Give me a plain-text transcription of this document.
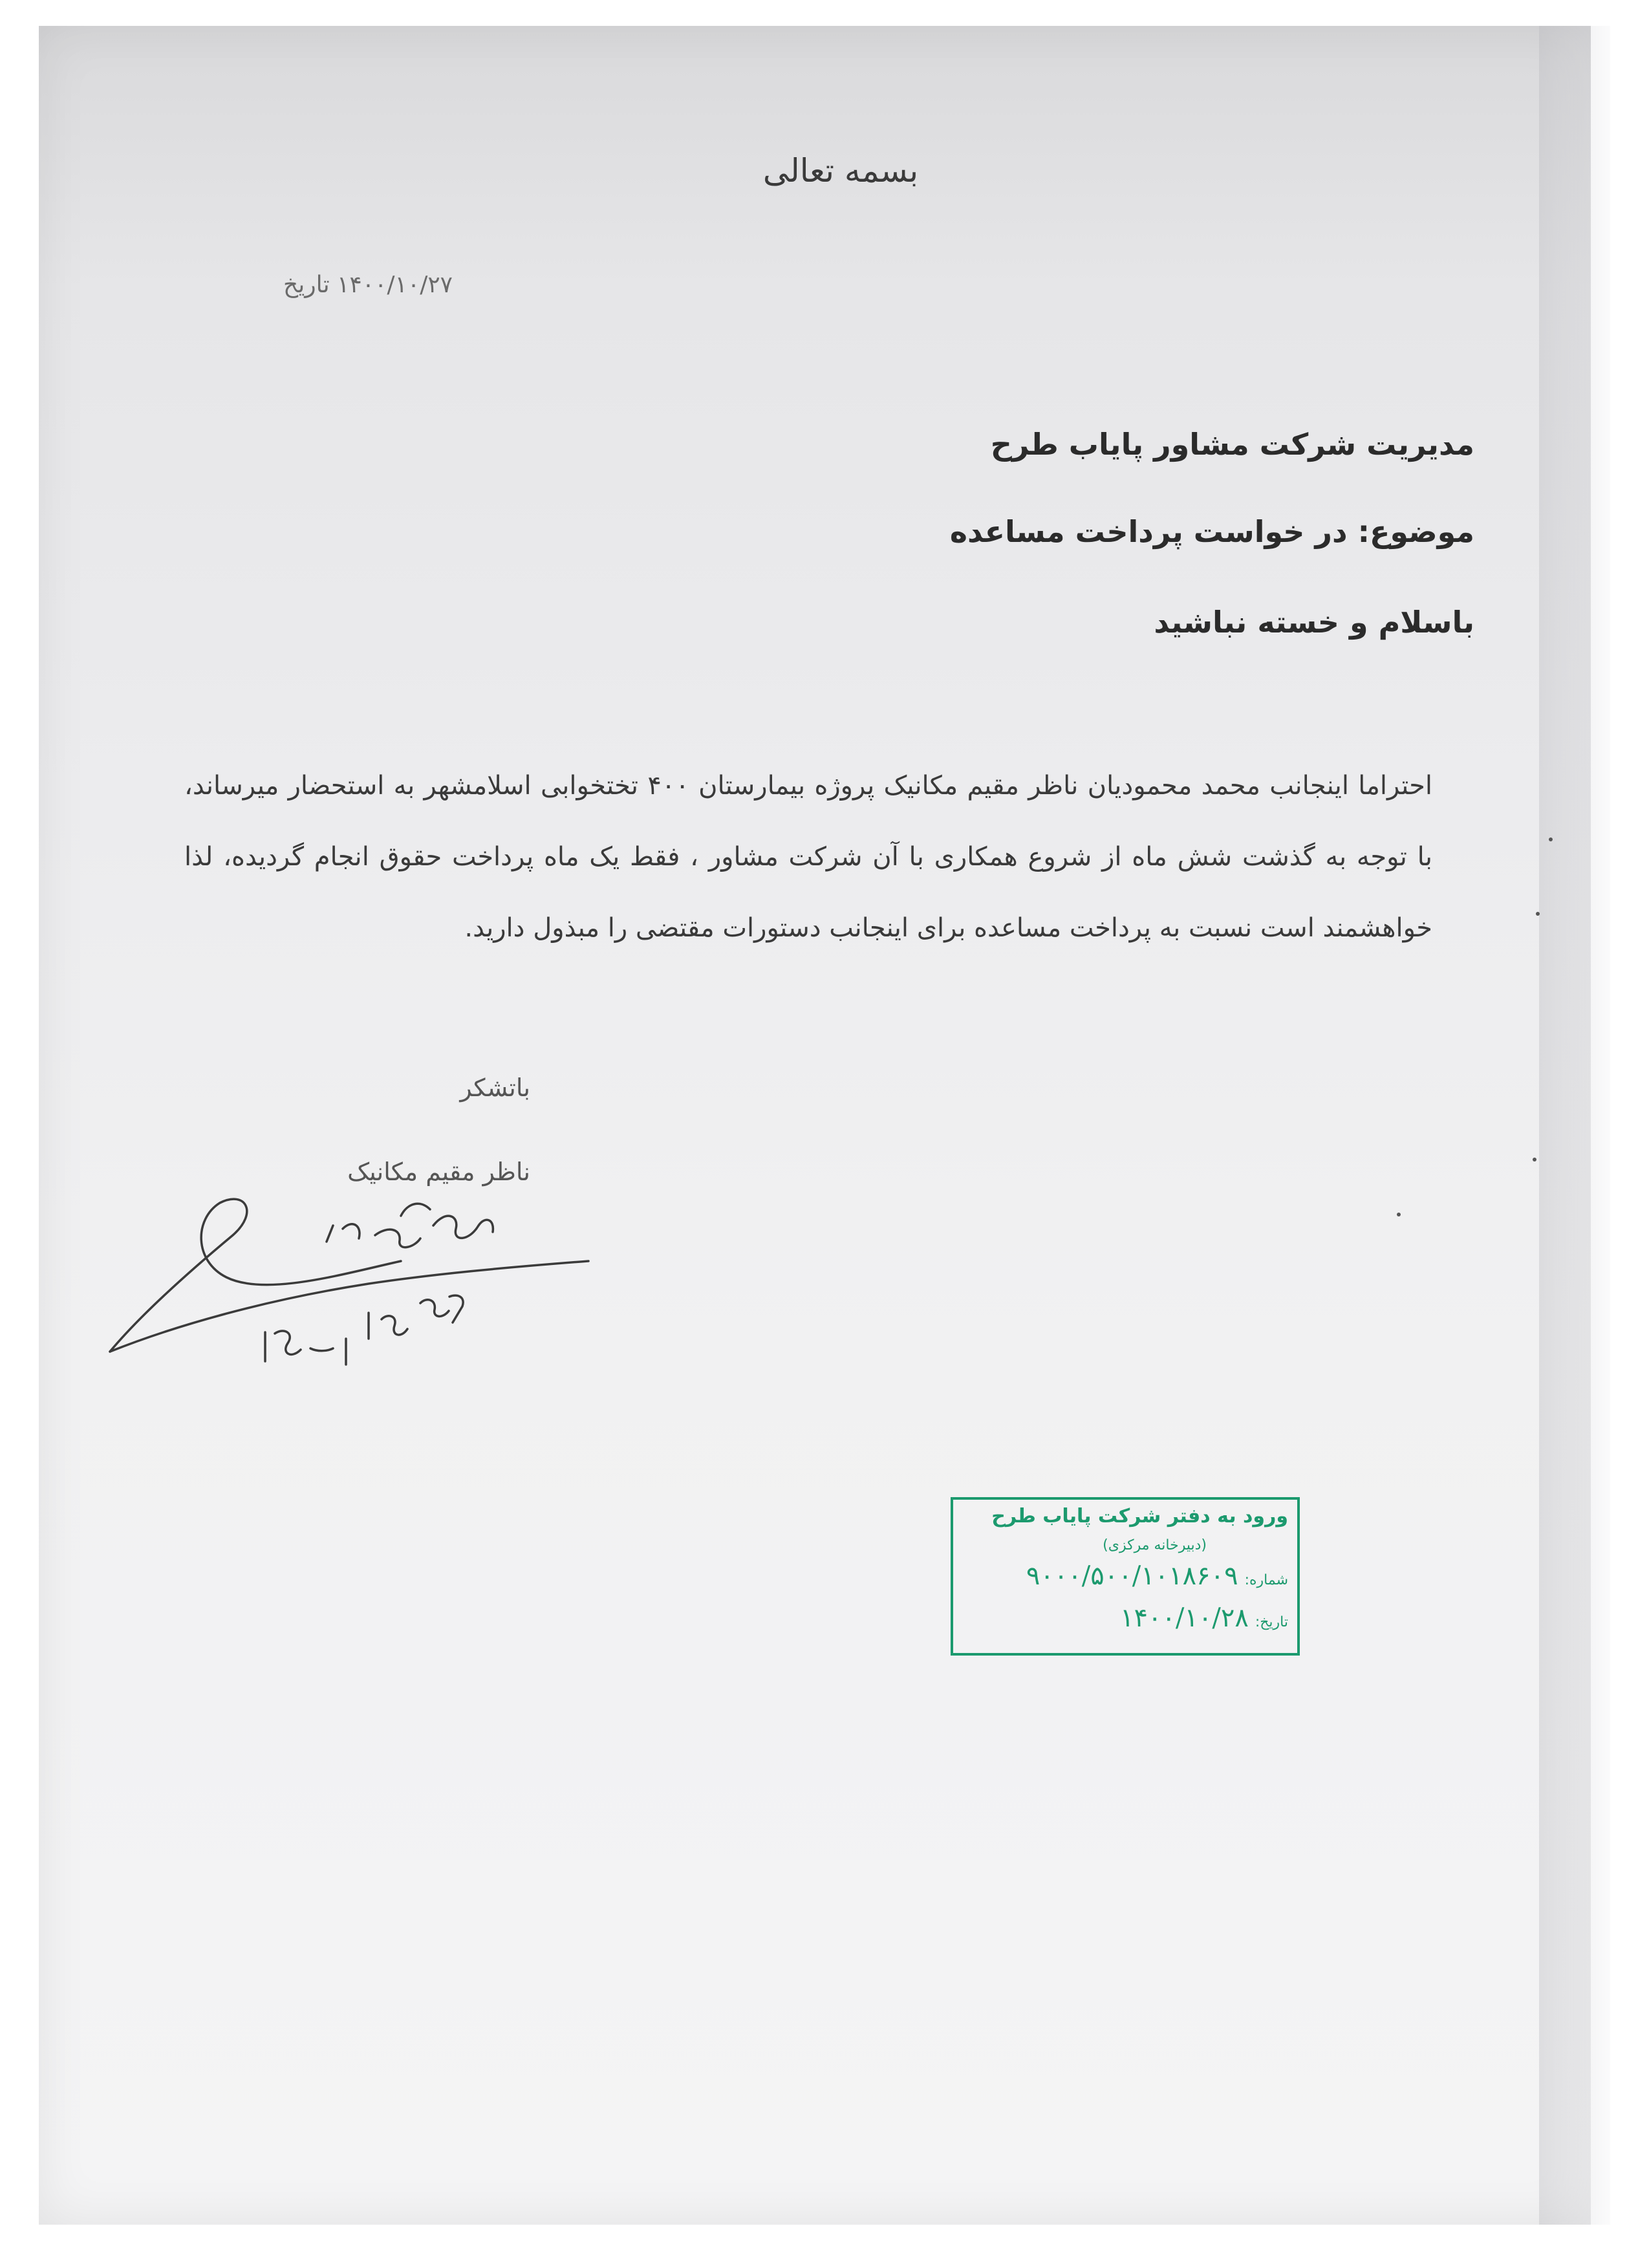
بسمه تعالی
۱۴۰۰/۱۰/۲۷ تاریخ
مدیریت شرکت مشاور پایاب طرح
موضوع: در خواست پرداخت مساعده
باسلام و خسته نباشید
احتراما اینجانب محمد محمودیان ناظر مقیم مکانیک پروژه بیمارستان ۴۰۰ تختخوابی اسلامشهر به استحضار میرساند، با توجه به گذشت شش ماه از شروع همکاری با آن شرکت مشاور ، فقط یک ماه پرداخت حقوق انجام گردیده، لذا خواهشمند است نسبت به پرداخت مساعده برای اینجانب دستورات مقتضی را مبذول دارید.
باتشکر
ناظر مقیم مکانیک
ورود به دفتر شرکت پایاب طرح
(دبیرخانه مرکزی)
شماره:۹۰۰۰/۵۰۰/۱۰۱۸۶۰۹
تاریخ:۱۴۰۰/۱۰/۲۸
